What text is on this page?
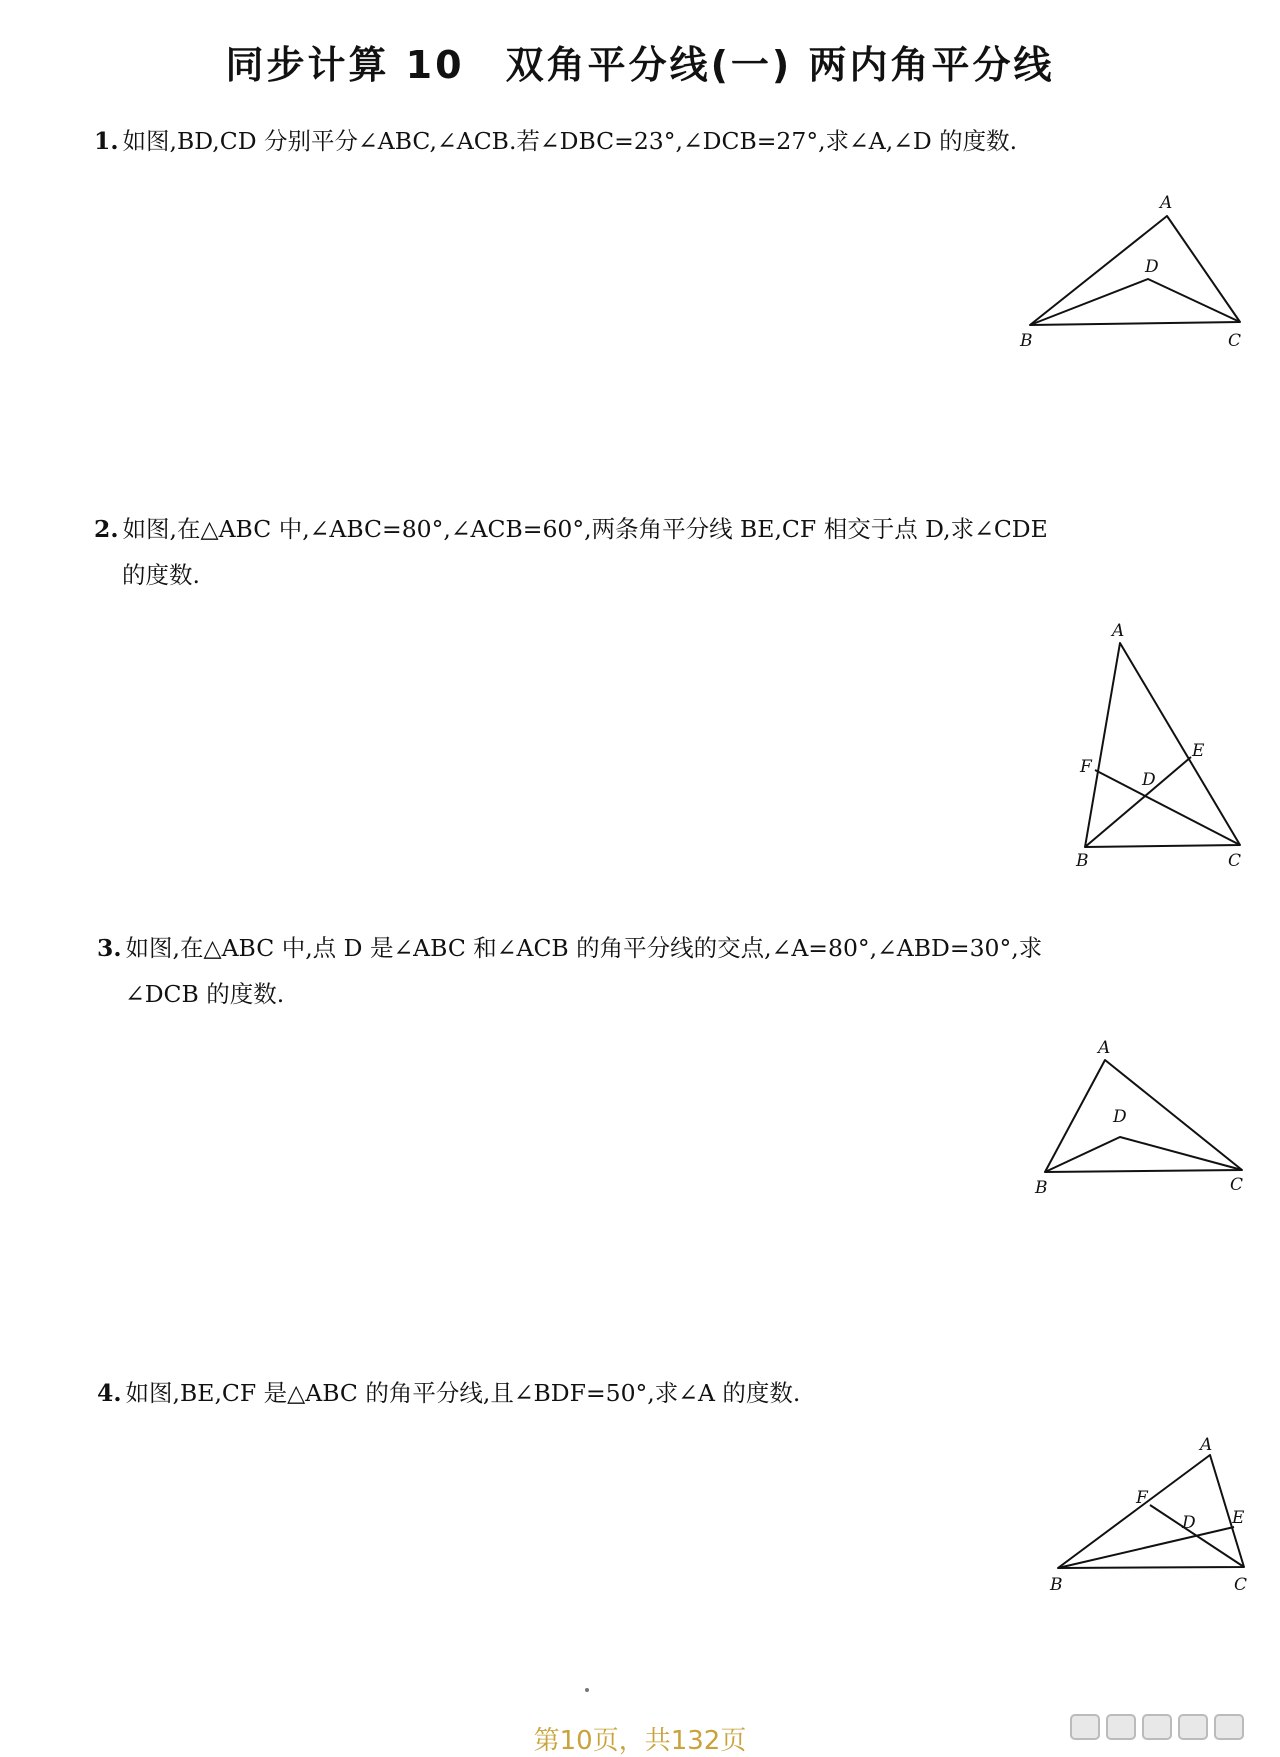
同步计算 10　双角平分线(一) 两内角平分线
1. 如图,BD,CD 分别平分∠ABC,∠ACB.若∠DBC=23°,∠DCB=27°,求∠A,∠D 的度数.
A
B	C
D
2. 如图,在△ABC 中,∠ABC=80°,∠ACB=60°,两条角平分线 BE,CF 相交于点 D,求∠CDE
的度数.
A
B	C
D
E
F
3. 如图,在△ABC 中,点 D 是∠ABC 和∠ACB 的角平分线的交点,∠A=80°,∠ABD=30°,求
∠DCB 的度数.
A
B	C
D
4. 如图,BE,CF 是△ABC 的角平分线,且∠BDF=50°,求∠A 的度数.
A
B	C
D E
F
第10页，共132页
